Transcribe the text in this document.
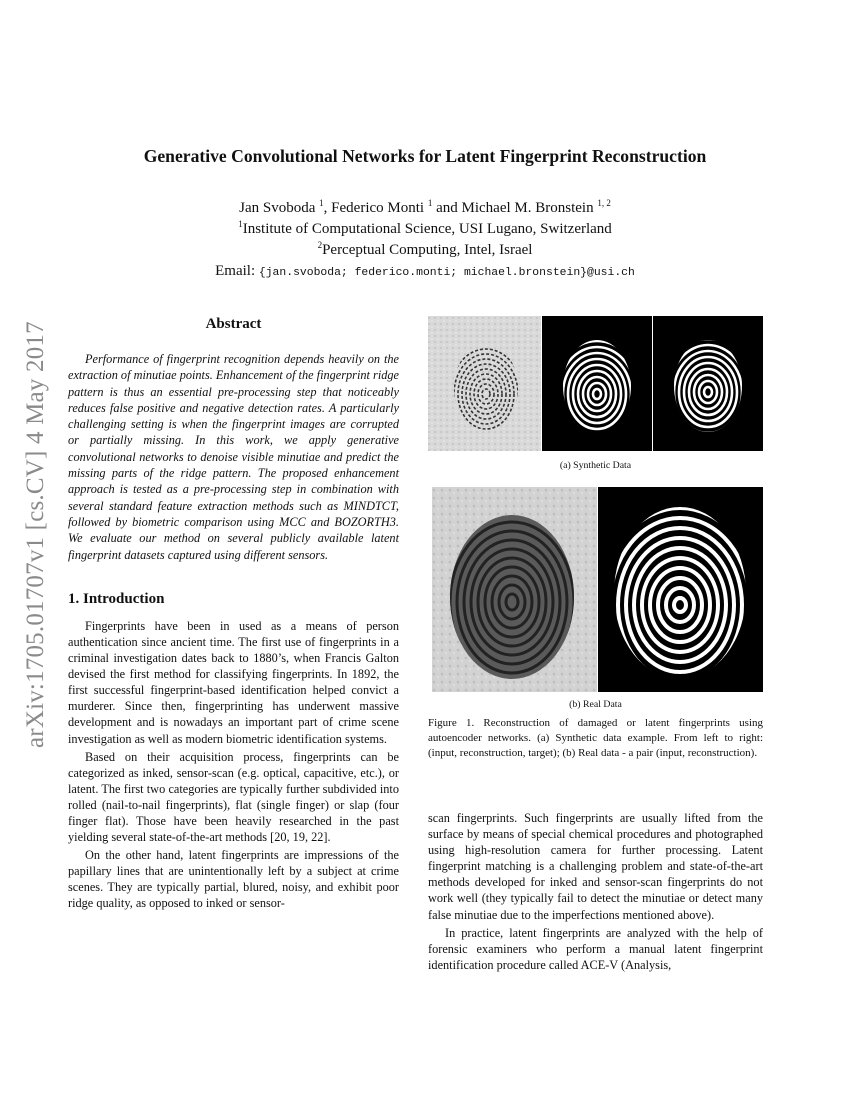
arXiv:1705.01707v1 [cs.CV] 4 May 2017
Generative Convolutional Networks for Latent Fingerprint Reconstruction
Jan Svoboda $^1$, Federico Monti $^1$ and Michael M. Bronstein $^{1, 2}$
$^1$Institute of Computational Science, USI Lugano, Switzerland
$^2$Perceptual Computing, Intel, Israel
Email: {jan.svoboda; federico.monti; michael.bronstein}@usi.ch
Abstract

Performance of fingerprint recognition depends heavily on the extraction of minutiae points. Enhancement of the fingerprint ridge pattern is thus an essential pre-processing step that noticeably reduces false positive and negative detection rates. A particularly challenging setting is when the fingerprint images are corrupted or partially missing. In this work, we apply generative convolutional networks to denoise visible minutiae and predict the missing parts of the ridge pattern. The proposed enhancement approach is tested as a pre-processing step in combination with several standard feature extraction methods such as MINDTCT, followed by biometric comparison using MCC and BOZORTH3. We evaluate our method on several publicly available latent fingerprint datasets captured using different sensors.

1. Introduction

Fingerprints have been in used as a means of person authentication since ancient time. The first use of fingerprints in a criminal investigation dates back to 1880’s, when Francis Galton devised the first method for classifying fingerprints. In 1892, the first successful fingerprint-based identification helped convict a murderer. Since then, fingerprinting has underwent massive development and is nowadays an important part of crime scene investigation as well as modern biometric identification systems.

Based on their acquisition process, fingerprints can be categorized as inked, sensor-scan (e.g. optical, capacitive, etc.), or latent. The first two categories are typically further subdivided into rolled (nail-to-nail fingerprints), flat (single finger) or slap (four finger flat). Those have been heavily researched in the past yielding several state-of-the-art methods [20, 19, 22].

On the other hand, latent fingerprints are impressions of the papillary lines that are unintentionally left by a subject at crime scenes. They are typically partial, blured, noisy, and exhibit poor ridge quality, as opposed to inked or sensor-

(a) Synthetic Data
(b) Real Data
Figure 1. Reconstruction of damaged or latent fingerprints using autoencoder networks. (a) Synthetic data example. From left to right: (input, reconstruction, target); (b) Real data - a pair (input, reconstruction).

scan fingerprints. Such fingerprints are usually lifted from the surface by means of special chemical procedures and photographed using high-resolution camera for further processing. Latent fingerprint matching is a challenging problem and state-of-the-art methods developed for inked and sensor-scan fingerprints do not work well (they typically fail to detect the minutiae or detect many false minutiae due to the imperfections mentioned above).

In practice, latent fingerprints are analyzed with the help of forensic examiners who perform a manual latent fingerprint identification procedure called ACE-V (Analysis,
